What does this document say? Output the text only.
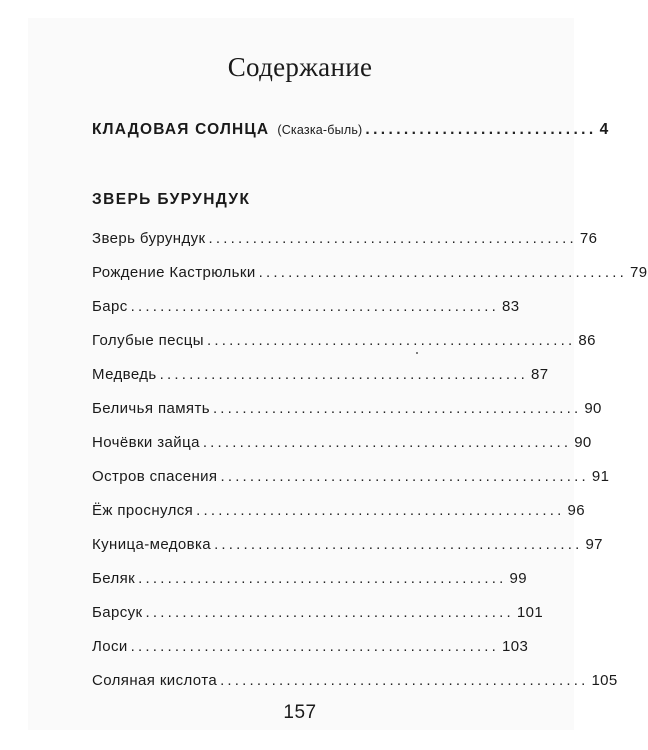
Содержание
КЛАДОВАЯ СОЛНЦА (Сказка-быль) .............................. 4
ЗВЕРЬ БУРУНДУК
Зверь бурундук .................................................. 76
Рождение Кастрюльки .................................................. 79
Барс .................................................. 83
Голубые песцы .................................................. 86
Медведь .................................................. 87
Беличья память .................................................. 90
Ночёвки зайца .................................................. 90
Остров спасения .................................................. 91
Ёж проснулся .................................................. 96
Куница-медовка .................................................. 97
Беляк .................................................. 99
Барсук .................................................. 101
Лоси .................................................. 103
Соляная кислота .................................................. 105
157
